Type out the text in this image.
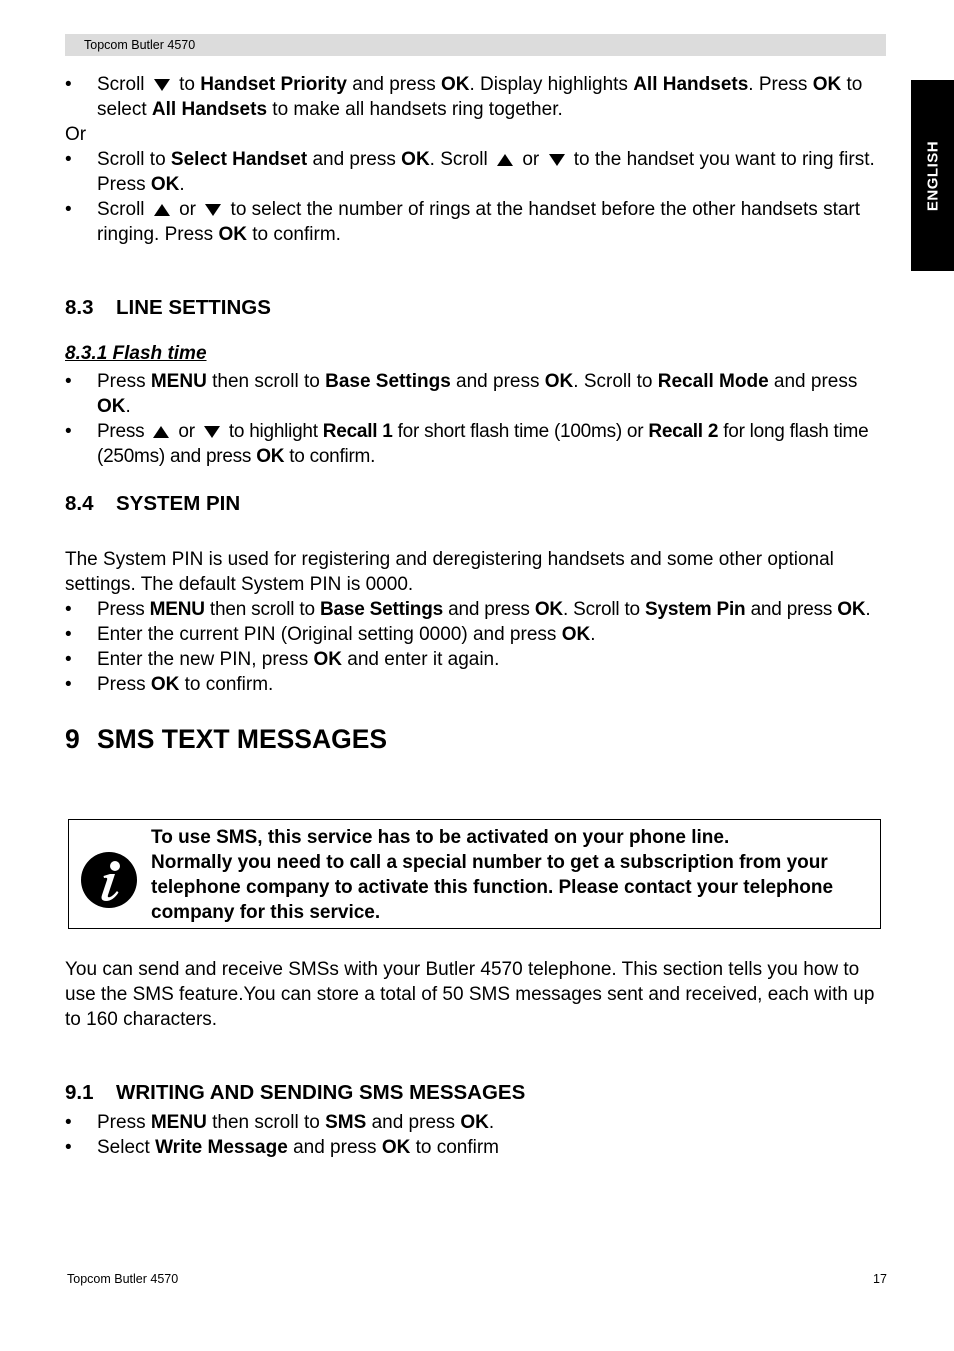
Topcom Butler 4570
ENGLISH
• Scroll to Handset Priority and press OK. Display highlights All Handsets. Press OK to select All Handsets to make all handsets ring together.
Or
• Scroll to Select Handset and press OK. Scroll or to the handset you want to ring first. Press OK.
• Scroll or to select the number of rings at the handset before the other handsets start ringing. Press OK to confirm.
8.3 LINE SETTINGS
8.3.1 Flash time
• Press MENU then scroll to Base Settings and press OK. Scroll to Recall Mode and press OK.
• Press or to highlight Recall 1 for short flash time (100ms) or Recall 2 for long flash time (250ms) and press OK to confirm.
8.4 SYSTEM PIN
The System PIN is used for registering and deregistering handsets and some other optional settings. The default System PIN is 0000.
• Press MENU then scroll to Base Settings and press OK. Scroll to System Pin and press OK.
• Enter the current PIN (Original setting 0000) and press OK.
• Enter the new PIN, press OK and enter it again.
• Press OK to confirm.
9 SMS TEXT MESSAGES
To use SMS, this service has to be activated on your phone line.
Normally you need to call a special number to get a subscription from your telephone company to activate this function. Please contact your telephone company for this service.
You can send and receive SMSs with your Butler 4570 telephone. This section tells you how to use the SMS feature.You can store a total of 50 SMS messages sent and received, each with up to 160 characters.
9.1 WRITING AND SENDING SMS MESSAGES
• Press MENU then scroll to SMS and press OK.
• Select Write Message and press OK to confirm
Topcom Butler 4570	17
